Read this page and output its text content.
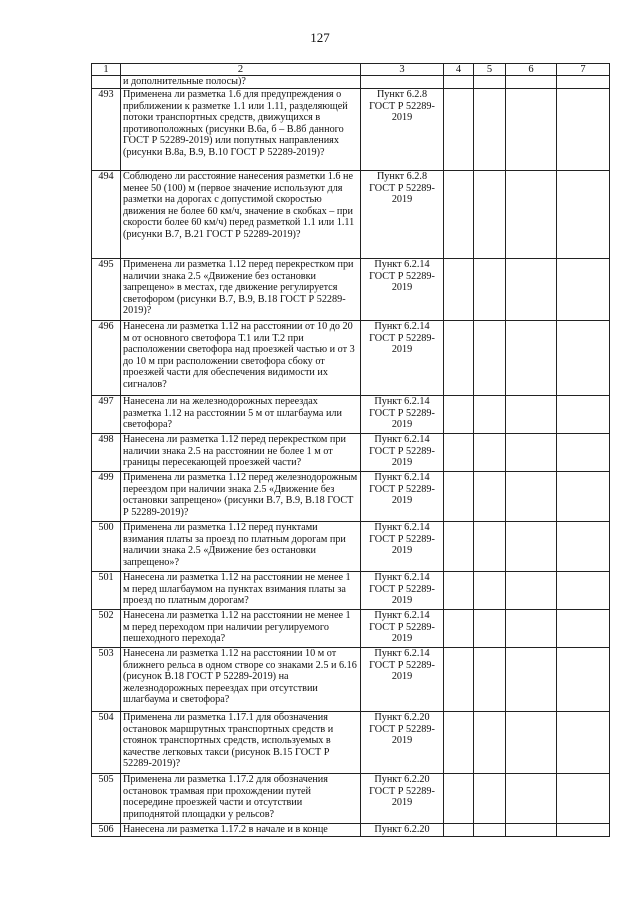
127
1	2	3	4	5	6	7
	и дополнительные полосы)?					
493	Применена ли разметка 1.6 для предупреждения о приближении к разметке 1.1 или 1.11, разделяющей потоки транспортных средств, движущихся в противоположных (рисунки В.6а, б – В.8б данного ГОСТ Р 52289-2019) или попутных направлениях (рисунки В.8а, В.9, В.10 ГОСТ Р 52289-2019)?	Пункт 6.2.8 ГОСТ Р 52289-2019				
494	Соблюдено ли расстояние нанесения разметки 1.6 не менее 50 (100) м (первое значение используют для разметки на дорогах с допустимой скоростью движения не более 60 км/ч, значение в скобках – при скорости более 60 км/ч) перед разметкой 1.1 или 1.11 (рисунки В.7, В.21 ГОСТ Р 52289-2019)?	Пункт 6.2.8 ГОСТ Р 52289-2019				
495	Применена ли разметка 1.12 перед перекрестком при наличии знака 2.5 «Движение без остановки запрещено» в местах, где движение регулируется светофором (рисунки В.7, В.9, В.18 ГОСТ Р 52289-2019)?	Пункт 6.2.14 ГОСТ Р 52289-2019				
496	Нанесена ли разметка 1.12 на расстоянии от 10 до 20 м от основного светофора Т.1 или Т.2 при расположении светофора над проезжей частью и от 3 до 10 м при расположении светофора сбоку от проезжей части для обеспечения видимости их сигналов?	Пункт 6.2.14 ГОСТ Р 52289-2019				
497	Нанесена ли на железнодорожных переездах разметка 1.12 на расстоянии 5 м от шлагбаума или светофора?	Пункт 6.2.14 ГОСТ Р 52289-2019				
498	Нанесена ли разметка 1.12 перед перекрестком при наличии знака 2.5 на расстоянии не более 1 м от границы пересекающей проезжей части?	Пункт 6.2.14 ГОСТ Р 52289-2019				
499	Применена ли разметка 1.12 перед железнодорожным переездом при наличии знака 2.5 «Движение без остановки запрещено» (рисунки В.7, В.9, В.18 ГОСТ Р 52289-2019)?	Пункт 6.2.14 ГОСТ Р 52289-2019				
500	Применена ли разметка 1.12 перед пунктами взимания платы за проезд по платным дорогам при наличии знака 2.5 «Движение без остановки запрещено»?	Пункт 6.2.14 ГОСТ Р 52289-2019				
501	Нанесена ли разметка 1.12 на расстоянии не менее 1 м перед шлагбаумом на пунктах взимания платы за проезд по платным дорогам?	Пункт 6.2.14 ГОСТ Р 52289-2019				
502	Нанесена ли разметка 1.12 на расстоянии не менее 1 м перед переходом при наличии регулируемого пешеходного перехода?	Пункт 6.2.14 ГОСТ Р 52289-2019				
503	Нанесена ли разметка 1.12 на расстоянии 10 м от ближнего рельса в одном створе со знаками 2.5 и 6.16 (рисунок В.18 ГОСТ Р 52289-2019) на железнодорожных переездах при отсутствии шлагбаума и светофора?	Пункт 6.2.14 ГОСТ Р 52289-2019				
504	Применена ли разметка 1.17.1 для обозначения остановок маршрутных транспортных средств и стоянок транспортных средств, используемых в качестве легковых такси (рисунок В.15 ГОСТ Р 52289-2019)?	Пункт 6.2.20 ГОСТ Р 52289-2019				
505	Применена ли разметка 1.17.2 для обозначения остановок трамвая при прохождении путей посередине проезжей части и отсутствии приподнятой площадки у рельсов?	Пункт 6.2.20 ГОСТ Р 52289-2019				
506	Нанесена ли разметка 1.17.2 в начале и в конце	Пункт 6.2.20				
